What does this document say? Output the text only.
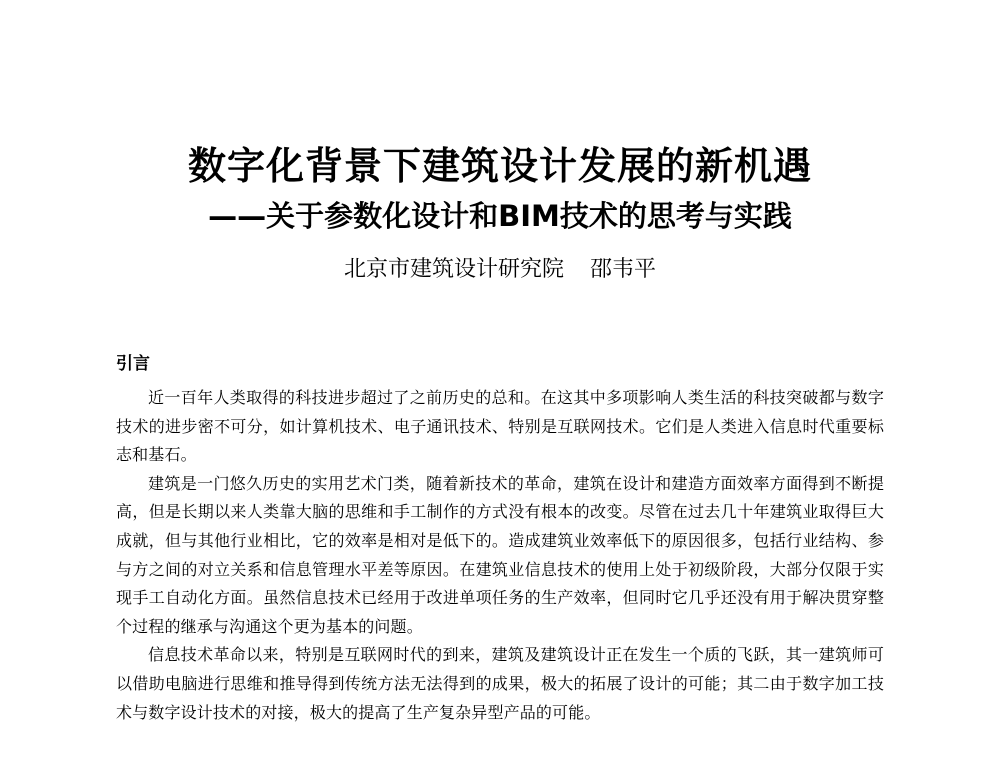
数字化背景下建筑设计发展的新机遇
——关于参数化设计和BIM技术的思考与实践
北京市建筑设计研究院 邵韦平
引言

近一百年人类取得的科技进步超过了之前历史的总和。在这其中多项影响人类生活的科技突破都与数字技术的进步密不可分，如计算机技术、电子通讯技术、特别是互联网技术。它们是人类进入信息时代重要标志和基石。

建筑是一门悠久历史的实用艺术门类，随着新技术的革命，建筑在设计和建造方面效率方面得到不断提高，但是长期以来人类靠大脑的思维和手工制作的方式没有根本的改变。尽管在过去几十年建筑业取得巨大成就，但与其他行业相比，它的效率是相对是低下的。造成建筑业效率低下的原因很多，包括行业结构、参与方之间的对立关系和信息管理水平差等原因。在建筑业信息技术的使用上处于初级阶段，大部分仅限于实现手工自动化方面。虽然信息技术已经用于改进单项任务的生产效率，但同时它几乎还没有用于解决贯穿整个过程的继承与沟通这个更为基本的问题。

信息技术革命以来，特别是互联网时代的到来，建筑及建筑设计正在发生一个质的飞跃，其一建筑师可以借助电脑进行思维和推导得到传统方法无法得到的成果，极大的拓展了设计的可能；其二由于数字加工技术与数字设计技术的对接，极大的提高了生产复杂异型产品的可能。
